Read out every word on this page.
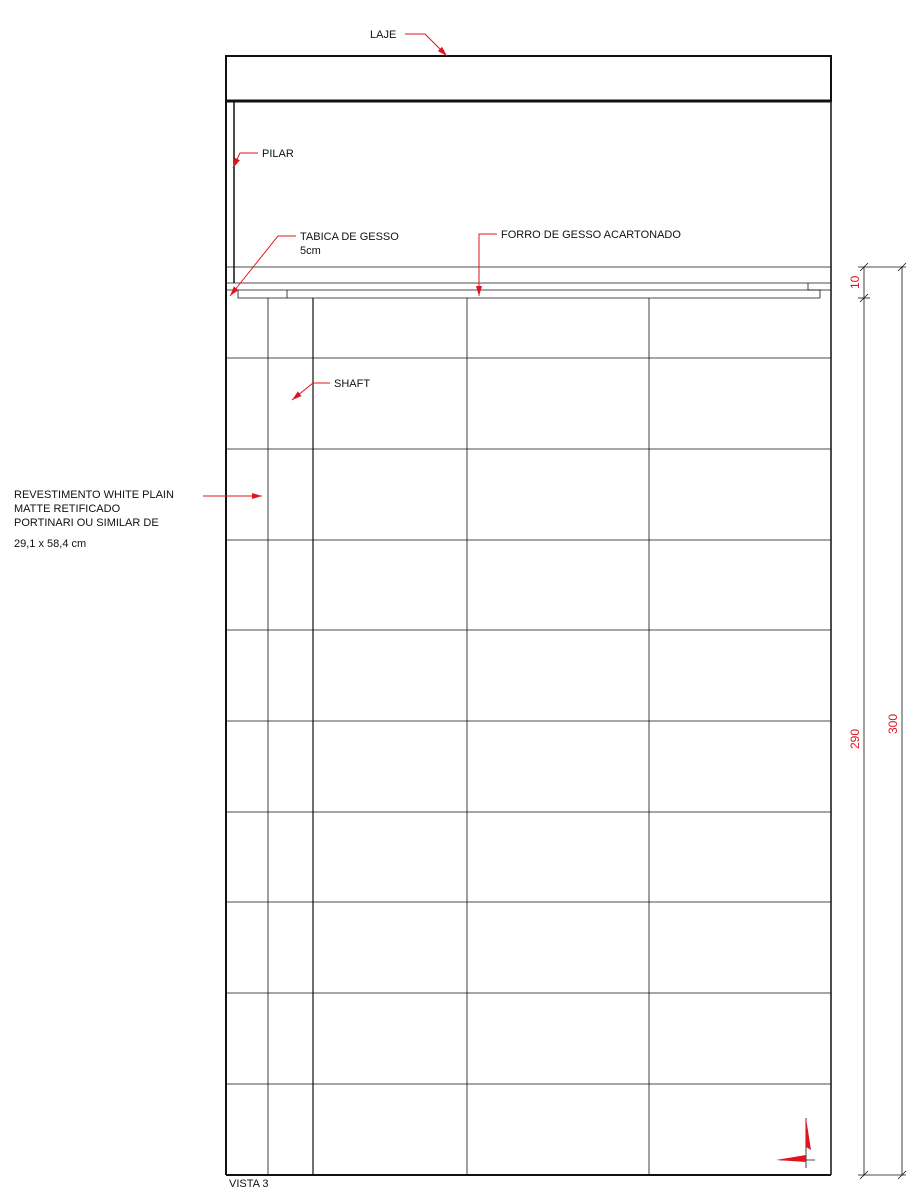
LAJE
PILAR
TABICA DE GESSO
5cm
FORRO DE GESSO ACARTONADO
SHAFT
REVESTIMENTO WHITE PLAIN
MATTE RETIFICADO
PORTINARI OU SIMILAR DE
29,1 x 58,4 cm
VISTA 3
10
290
300
